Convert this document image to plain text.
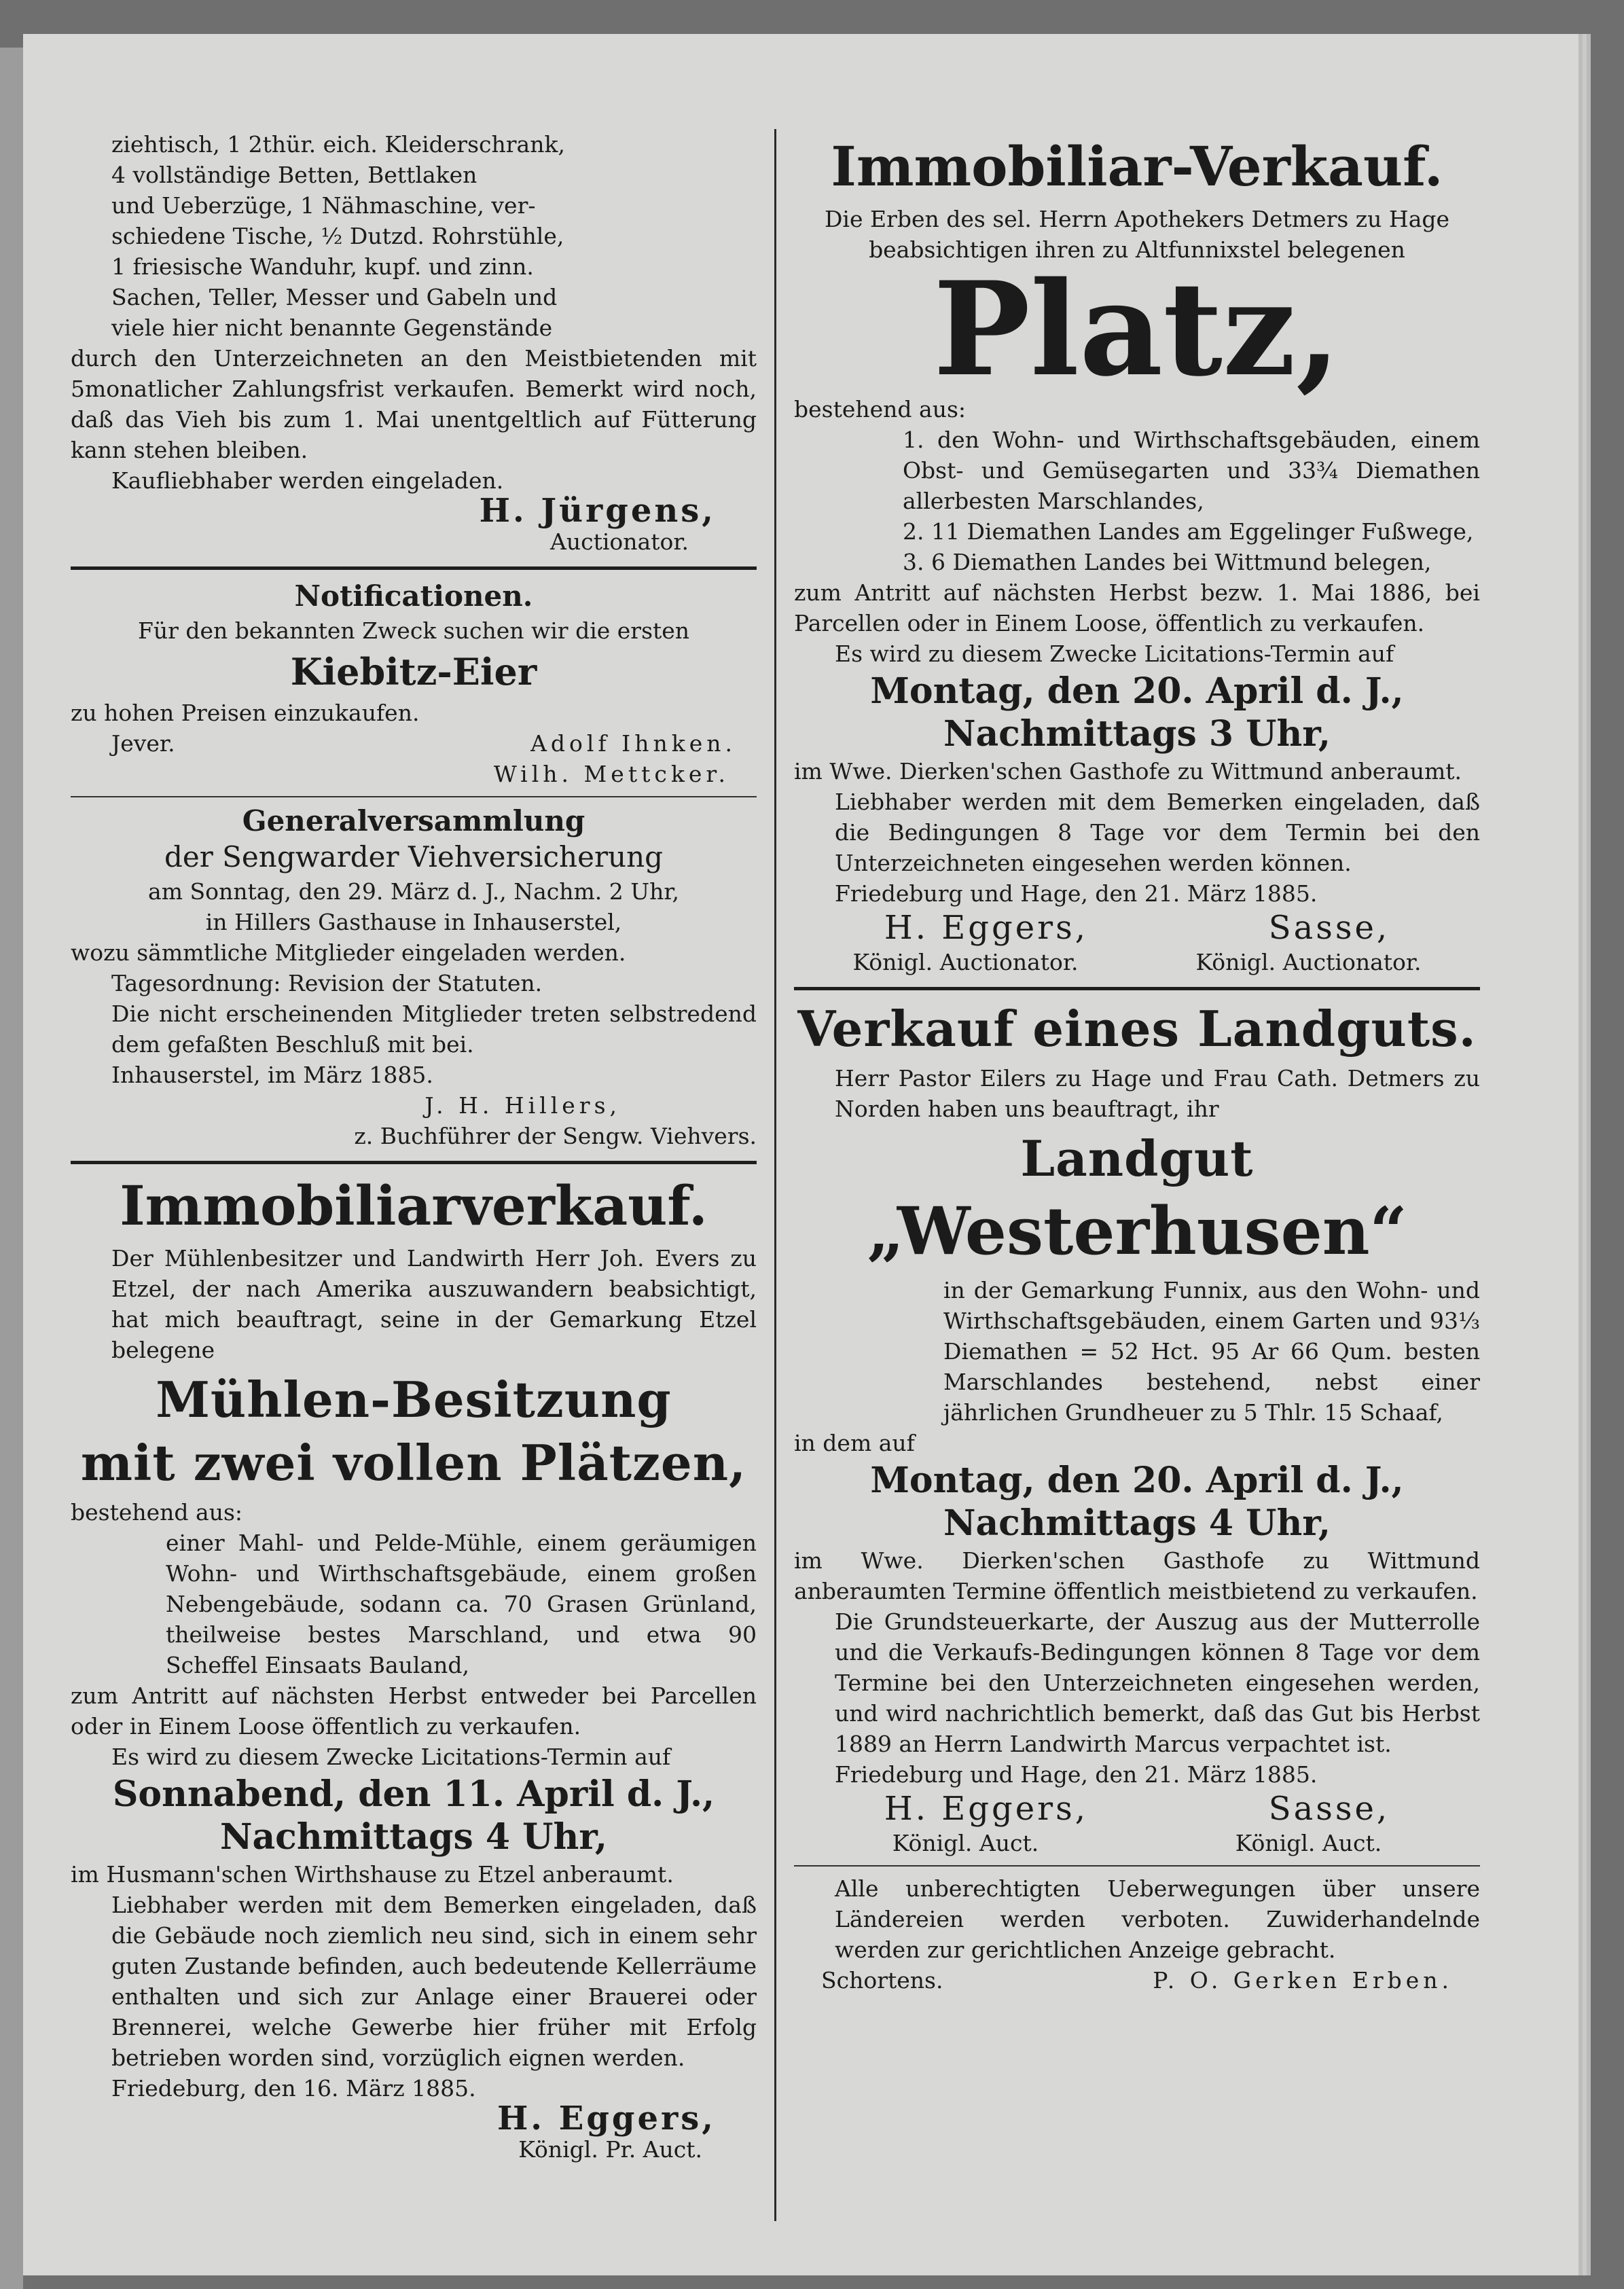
ziehtisch, 1 2thür. eich. Kleiderschrank,

4 vollständige Betten, Bettlaken

und Ueberzüge, 1 Nähmaschine, ver-

schiedene Tische, ½ Dutzd. Rohrstühle,

1 friesische Wanduhr, kupf. und zinn.

Sachen, Teller, Messer und Gabeln und

viele hier nicht benannte Gegenstände

durch den Unterzeichneten an den Meistbietenden mit 5monatlicher Zahlungsfrist verkaufen. Bemerkt wird noch, daß das Vieh bis zum 1. Mai unentgeltlich auf Fütterung kann stehen bleiben.

Kaufliebhaber werden eingeladen.

H. Jürgens,

Auctionator.

Notificationen.

Für den bekannten Zweck suchen wir die ersten

Kiebitz-Eier

zu hohen Preisen einzukaufen.

Jever.	Adolf Ihnken.

Wilh. Mettcker.

Generalversammlung

der Sengwarder Viehversicherung

am Sonntag, den 29. März d. J., Nachm. 2 Uhr,

in Hillers Gasthause in Inhauserstel,

wozu sämmtliche Mitglieder eingeladen werden.

Tagesordnung: Revision der Statuten.

Die nicht erscheinenden Mitglieder treten selbstredend dem gefaßten Beschluß mit bei.

Inhauserstel, im März 1885.

J. H. Hillers,

z. Buchführer der Sengw. Viehvers.

Immobiliarverkauf.

Der Mühlenbesitzer und Landwirth Herr Joh. Evers zu Etzel, der nach Amerika auszuwandern beabsichtigt, hat mich beauftragt, seine in der Gemarkung Etzel belegene

Mühlen-Besitzung

mit zwei vollen Plätzen,

bestehend aus:

einer Mahl- und Pelde-Mühle, einem geräumigen Wohn- und Wirthschaftsgebäude, einem großen Nebengebäude, sodann ca. 70 Grasen Grünland, theilweise bestes Marschland, und etwa 90 Scheffel Einsaats Bauland,

zum Antritt auf nächsten Herbst entweder bei Parcellen oder in Einem Loose öffentlich zu verkaufen.

Es wird zu diesem Zwecke Licitations-Termin auf

Sonnabend, den 11. April d. J.,

Nachmittags 4 Uhr,

im Husmann'schen Wirthshause zu Etzel anberaumt.

Liebhaber werden mit dem Bemerken eingeladen, daß die Gebäude noch ziemlich neu sind, sich in einem sehr guten Zustande befinden, auch bedeutende Kellerräume enthalten und sich zur Anlage einer Brauerei oder Brennerei, welche Gewerbe hier früher mit Erfolg betrieben worden sind, vorzüglich eignen werden.

Friedeburg, den 16. März 1885.

H. Eggers,

Königl. Pr. Auct.

Immobiliar-Verkauf.

Die Erben des sel. Herrn Apothekers Detmers zu Hage beabsichtigen ihren zu Altfunnixstel belegenen

Platz,

bestehend aus:

1. den Wohn- und Wirthschaftsgebäuden, einem Obst- und Gemüsegarten und 33¾ Diemathen allerbesten Marschlandes,

2. 11 Diemathen Landes am Eggelinger Fußwege,

3. 6 Diemathen Landes bei Wittmund belegen,

zum Antritt auf nächsten Herbst bezw. 1. Mai 1886, bei Parcellen oder in Einem Loose, öffentlich zu verkaufen.

Es wird zu diesem Zwecke Licitations-Termin auf

Montag, den 20. April d. J.,

Nachmittags 3 Uhr,

im Wwe. Dierken'schen Gasthofe zu Wittmund anberaumt.

Liebhaber werden mit dem Bemerken eingeladen, daß die Bedingungen 8 Tage vor dem Termin bei den Unterzeichneten eingesehen werden können.

Friedeburg und Hage, den 21. März 1885.

H. Eggers,	Sasse,
Königl. Auctionator.	Königl. Auctionator.

Verkauf eines Landguts.

Herr Pastor Eilers zu Hage und Frau Cath. Detmers zu Norden haben uns beauftragt, ihr

Landgut

„Westerhusen“

in der Gemarkung Funnix, aus den Wohn- und Wirthschaftsgebäuden, einem Garten und 93⅓ Diemathen = 52 Hct. 95 Ar 66 Qum. besten Marschlandes bestehend, nebst einer jährlichen Grundheuer zu 5 Thlr. 15 Schaaf,

in dem auf

Montag, den 20. April d. J.,

Nachmittags 4 Uhr,

im Wwe. Dierken'schen Gasthofe zu Wittmund anberaumten Termine öffentlich meistbietend zu verkaufen.

Die Grundsteuerkarte, der Auszug aus der Mutterrolle und die Verkaufs-Bedingungen können 8 Tage vor dem Termine bei den Unterzeichneten eingesehen werden, und wird nachrichtlich bemerkt, daß das Gut bis Herbst 1889 an Herrn Landwirth Marcus verpachtet ist.

Friedeburg und Hage, den 21. März 1885.

H. Eggers,	Sasse,
Königl. Auct.	Königl. Auct.

Alle unberechtigten Ueberwegungen über unsere Ländereien werden verboten. Zuwiderhandelnde werden zur gerichtlichen Anzeige gebracht.

Schortens.	P. O. Gerken Erben.
